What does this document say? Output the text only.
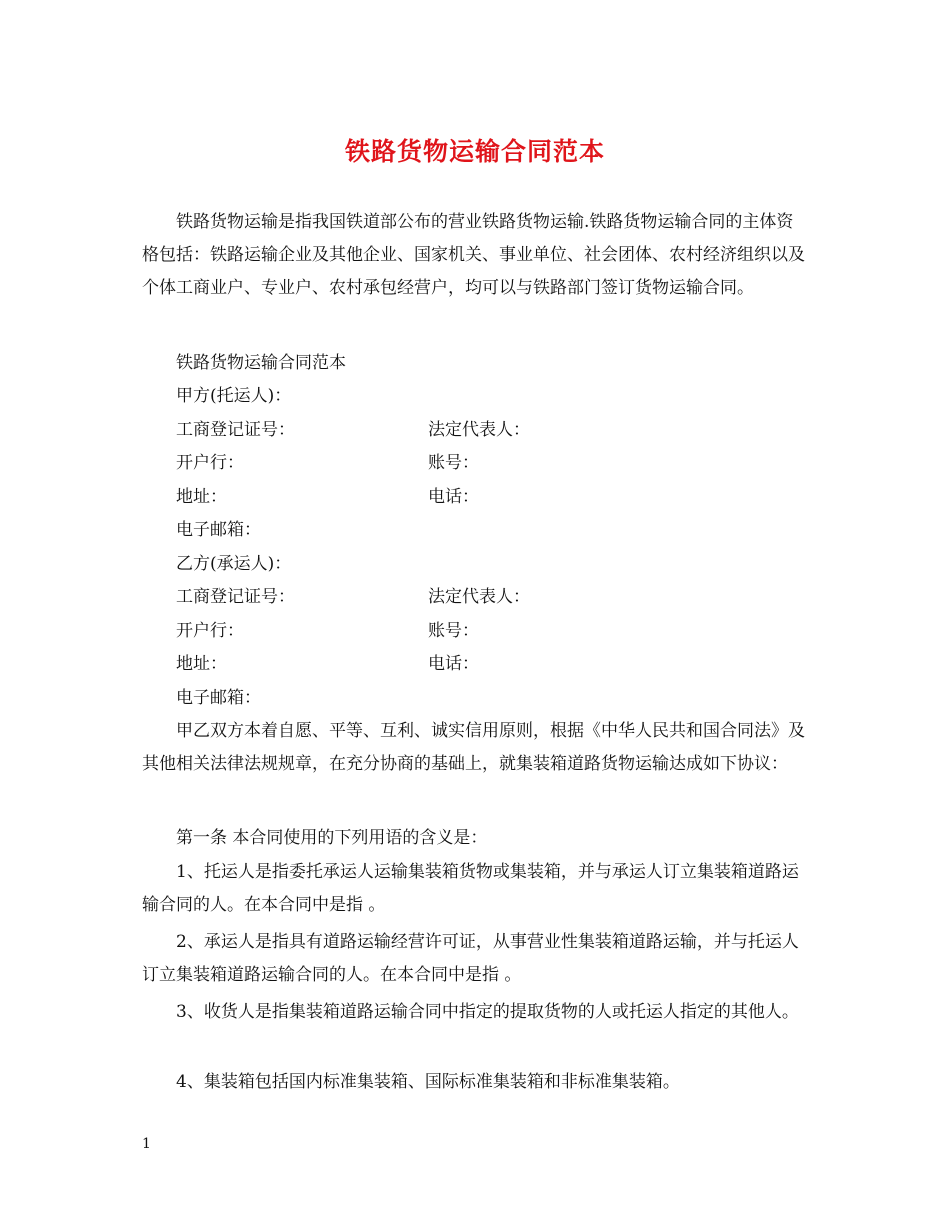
铁路货物运输合同范本

铁路货物运输是指我国铁道部公布的营业铁路货物运输.铁路货物运输合同的主体资格包括：铁路运输企业及其他企业、国家机关、事业单位、社会团体、农村经济组织以及个体工商业户、专业户、农村承包经营户，均可以与铁路部门签订货物运输合同。

铁路货物运输合同范本
甲方(托运人)：
工商登记证号：	法定代表人：
开户行：	账号：
地址：	电话：
电子邮箱：
乙方(承运人)：
工商登记证号：	法定代表人：
开户行：	账号：
地址：	电话：
电子邮箱：

甲乙双方本着自愿、平等、互利、诚实信用原则，根据《中华人民共和国合同法》及其他相关法律法规规章，在充分协商的基础上，就集装箱道路货物运输达成如下协议：

第一条 本合同使用的下列用语的含义是：

1、托运人是指委托承运人运输集装箱货物或集装箱，并与承运人订立集装箱道路运输合同的人。在本合同中是指 。

2、承运人是指具有道路运输经营许可证，从事营业性集装箱道路运输，并与托运人订立集装箱道路运输合同的人。在本合同中是指 。

3、收货人是指集装箱道路运输合同中指定的提取货物的人或托运人指定的其他人。

4、集装箱包括国内标准集装箱、国际标准集装箱和非标准集装箱。

1
